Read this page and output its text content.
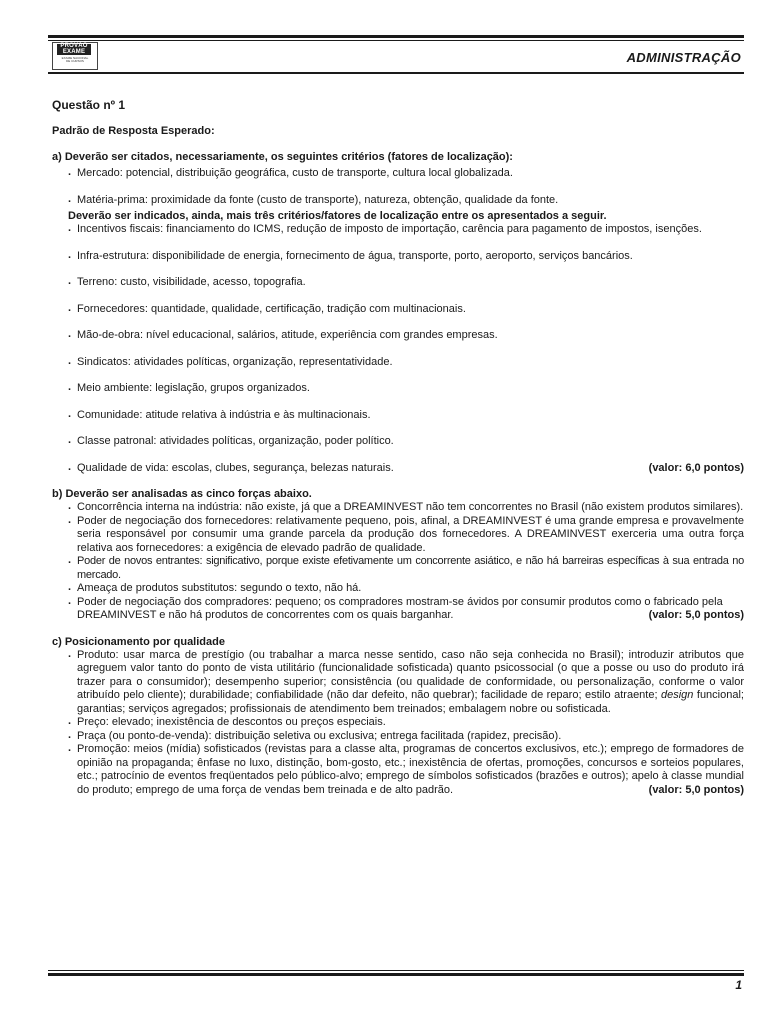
PROVÃO
EXAME
EXAME NACIONAL
DE CURSOS	ADMINISTRAÇÃO
Questão nº 1
Padrão de Resposta Esperado:
a) Deverão ser citados, necessariamente, os seguintes critérios (fatores de localização):
. Mercado: potencial, distribuição geográfica, custo de transporte, cultura local globalizada.
. Matéria-prima: proximidade da fonte (custo de transporte), natureza, obtenção, qualidade da fonte.
Deverão ser indicados, ainda, mais três critérios/fatores de localização entre os apresentados a seguir.
. Incentivos fiscais: financiamento do ICMS, redução de imposto de importação, carência para pagamento de impostos, isenções.
. Infra-estrutura: disponibilidade de energia, fornecimento de água, transporte, porto, aeroporto, serviços bancários.
. Terreno: custo, visibilidade, acesso, topografia.
. Fornecedores: quantidade, qualidade, certificação, tradição com multinacionais.
. Mão-de-obra: nível educacional, salários, atitude, experiência com grandes empresas.
. Sindicatos: atividades políticas, organização, representatividade.
. Meio ambiente: legislação, grupos organizados.
. Comunidade: atitude relativa à indústria e às multinacionais.
. Classe patronal: atividades políticas, organização, poder político.
. Qualidade de vida: escolas, clubes, segurança, belezas naturais.	(valor: 6,0 pontos)
b) Deverão ser analisadas as cinco forças abaixo.
. Concorrência interna na indústria: não existe, já que a DREAMINVEST não tem concorrentes no Brasil (não existem produtos similares).
. Poder de negociação dos fornecedores: relativamente pequeno, pois, afinal, a DREAMINVEST é uma grande empresa e provavelmente seria responsável por consumir uma grande parcela da produção dos fornecedores. A DREAMINVEST exerceria uma outra força relativa aos fornecedores: a exigência de elevado padrão de qualidade.
. Poder de novos entrantes: significativo, porque existe efetivamente um concorrente asiático, e não há barreiras específicas à sua entrada no mercado.
. Ameaça de produtos substitutos: segundo o texto, não há.
. Poder de negociação dos compradores: pequeno; os compradores mostram-se ávidos por consumir produtos como o fabricado pela DREAMINVEST e não há produtos de concorrentes com os quais barganhar.	(valor: 5,0 pontos)
c) Posicionamento por qualidade
. Produto: usar marca de prestígio (ou trabalhar a marca nesse sentido, caso não seja conhecida no Brasil); introduzir atributos que agreguem valor tanto do ponto de vista utilitário (funcionalidade sofisticada) quanto psicossocial (o que a posse ou uso do produto irá trazer para o consumidor); desempenho superior; consistência (ou qualidade de conformidade, ou personalização, conforme o valor atribuído pelo cliente); durabilidade; confiabilidade (não dar defeito, não quebrar); facilidade de reparo; estilo atraente; design funcional; garantias; serviços agregados; profissionais de atendimento bem treinados; embalagem nobre ou sofisticada.
. Preço: elevado; inexistência de descontos ou preços especiais.
. Praça (ou ponto-de-venda): distribuição seletiva ou exclusiva; entrega facilitada (rapidez, precisão).
. Promoção: meios (mídia) sofisticados (revistas para a classe alta, programas de concertos exclusivos, etc.); emprego de formadores de opinião na propaganda; ênfase no luxo, distinção, bom-gosto, etc.; inexistência de ofertas, promoções, concursos e sorteios populares, etc.; patrocínio de eventos freqüentados pelo público-alvo; emprego de símbolos sofisticados (brazões e outros); apelo à classe mundial do produto; emprego de uma força de vendas bem treinada e de alto padrão.	(valor: 5,0 pontos)
1
